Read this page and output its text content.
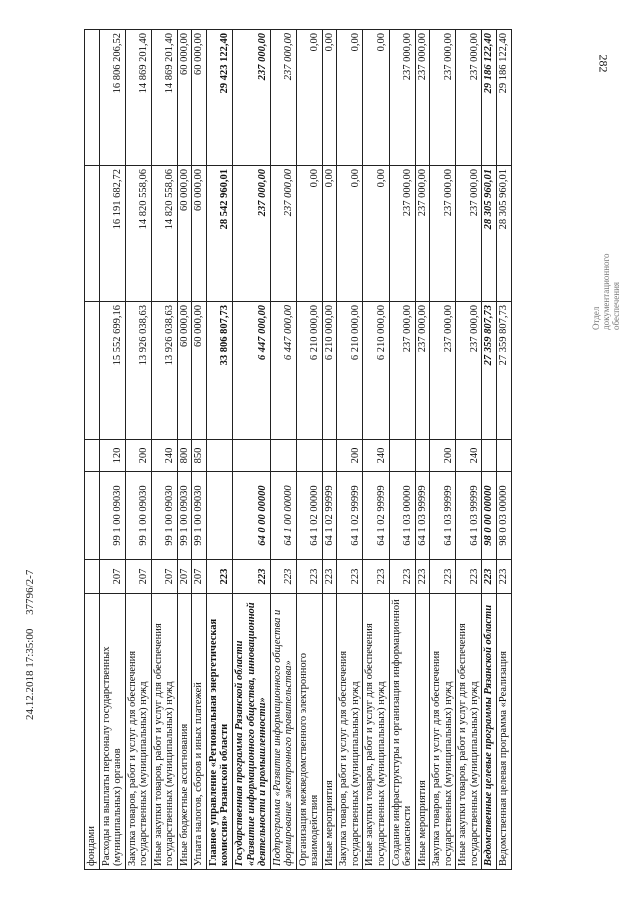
282
Отдел документационного обеспечения
24.12.2018 17:35:00     37796/2-7
фондами						
Расходы на выплаты персоналу государственных (муниципальных) органов	207	99 1 00 09030	120	15 552 699,16	16 191 682,72	16 806 206,52
Закупка товаров, работ и услуг для обеспечения государственных (муниципальных) нужд	207	99 1 00 09030	200	13 926 038,63	14 820 558,06	14 869 201,40
Иные закупки товаров, работ и услуг для обеспечения государственных (муниципальных) нужд	207	99 1 00 09030	240	13 926 038,63	14 820 558,06	14 869 201,40
Иные бюджетные ассигнования	207	99 1 00 09030	800	60 000,00	60 000,00	60 000,00
Уплата налогов, сборов и иных платежей	207	99 1 00 09030	850	60 000,00	60 000,00	60 000,00
Главное управление «Региональная энергетическая комиссия» Рязанской области	223			33 806 807,73	28 542 960,01	29 423 122,40
Государственная программа Рязанской области «Развитие информационного общества, инновационной деятельности и промышленности»	223	64 0 00 00000		6 447 000,00	237 000,00	237 000,00
Подпрограмма «Развитие информационного общества и формирование электронного правительства»	223	64 1 00 00000		6 447 000,00	237 000,00	237 000,00
Организация межведомственного электронного взаимодействия	223	64 1 02 00000		6 210 000,00	0,00	0,00
Иные мероприятия	223	64 1 02 99999		6 210 000,00	0,00	0,00
Закупка товаров, работ и услуг для обеспечения государственных (муниципальных) нужд	223	64 1 02 99999	200	6 210 000,00	0,00	0,00
Иные закупки товаров, работ и услуг для обеспечения государственных (муниципальных) нужд	223	64 1 02 99999	240	6 210 000,00	0,00	0,00
Создание инфраструктуры и организация информационной безопасности	223	64 1 03 00000		237 000,00	237 000,00	237 000,00
Иные мероприятия	223	64 1 03 99999		237 000,00	237 000,00	237 000,00
Закупка товаров, работ и услуг для обеспечения государственных (муниципальных) нужд	223	64 1 03 99999	200	237 000,00	237 000,00	237 000,00
Иные закупки товаров, работ и услуг для обеспечения государственных (муниципальных) нужд	223	64 1 03 99999	240	237 000,00	237 000,00	237 000,00
Ведомственные целевые программы Рязанской области	223	98 0 00 00000		27 359 807,73	28 305 960,01	29 186 122,40
Ведомственная целевая программа «Реализация	223	98 0 03 00000		27 359 807,73	28 305 960,01	29 186 122,40
